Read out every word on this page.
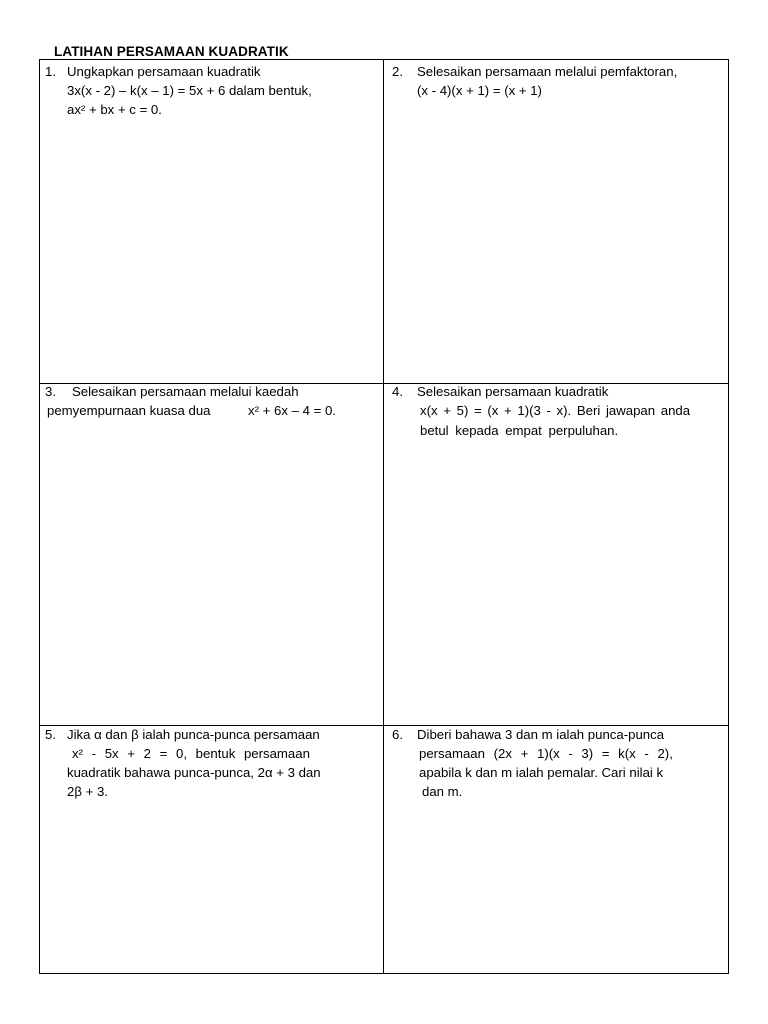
LATIHAN PERSAMAAN KUADRATIK
1. Ungkapkan persamaan kuadratik
3x(x - 2) – k(x – 1) = 5x + 6 dalam bentuk,
ax² + bx + c = 0.
2. Selesaikan persamaan melalui pemfaktoran,
(x - 4)(x + 1) = (x + 1)
3. Selesaikan persamaan melalui kaedah
pemyempurnaan kuasa dua	x² + 6x – 4 = 0.
4. Selesaikan persamaan kuadratik
x(x + 5) = (x + 1)(3 - x). Beri jawapan anda
betul kepada empat perpuluhan.
5. Jika α dan β ialah punca-punca persamaan
x² - 5x + 2 = 0, bentuk persamaan
kuadratik bahawa punca-punca, 2α + 3 dan
2β + 3.
6. Diberi bahawa 3 dan m ialah punca-punca
persamaan (2x + 1)(x - 3) = k(x - 2),
apabila k dan m ialah pemalar. Cari nilai k
dan m.
